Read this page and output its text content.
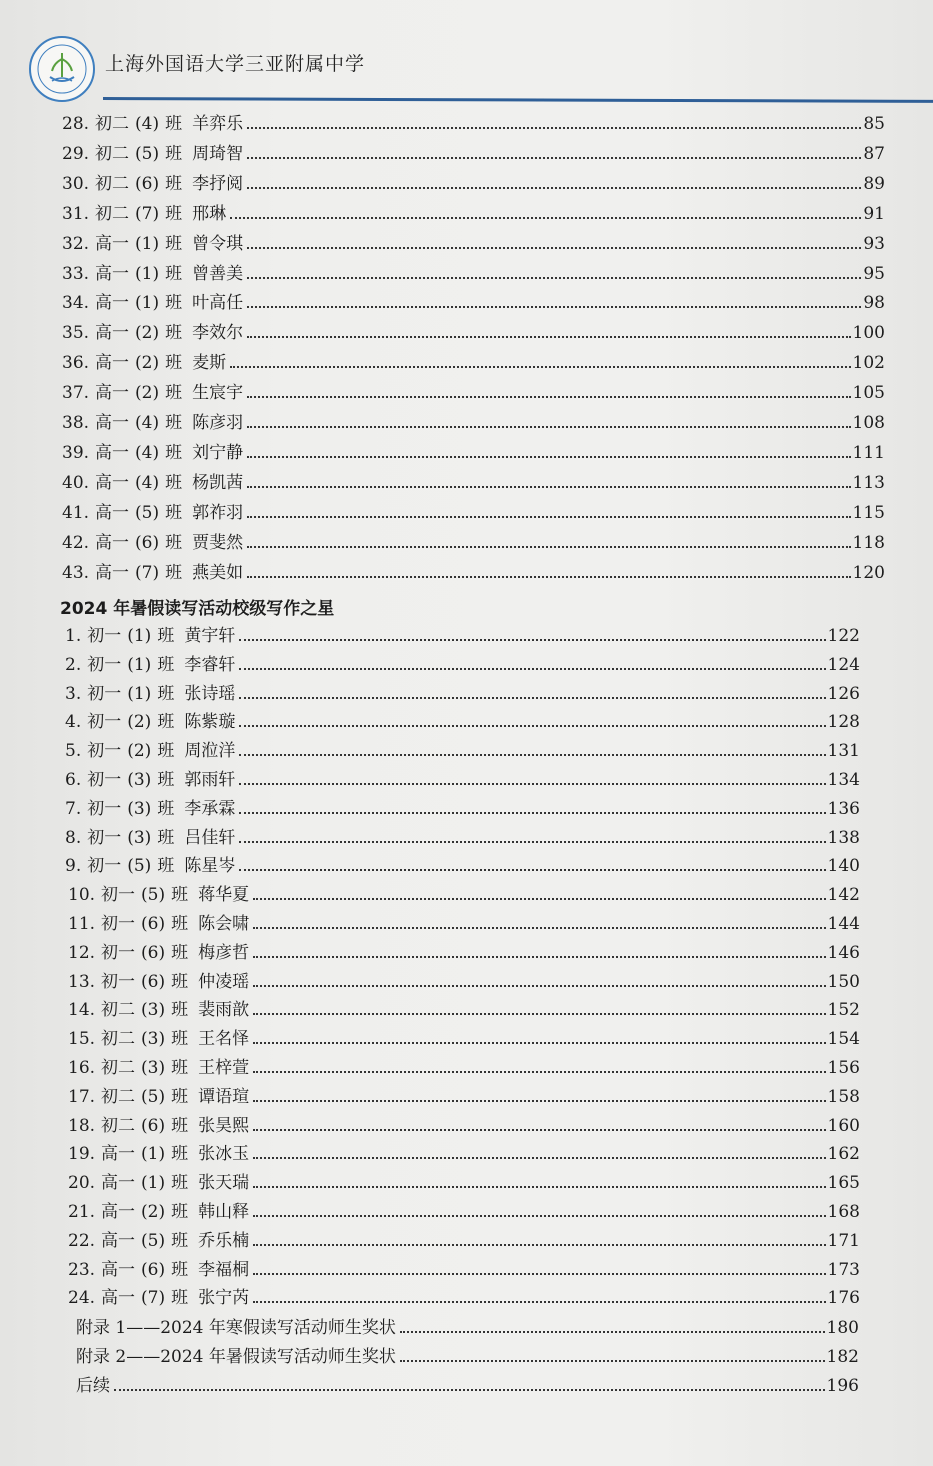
上海外国语大学三亚附属中学
2024 年暑假读写活动校级写作之星
28. 初二 (4) 班 羊弈乐	85
29. 初二 (5) 班 周琦智	87
30. 初二 (6) 班 李抒阅	89
31. 初二 (7) 班 邢琳	91
32. 高一 (1) 班 曾令琪	93
33. 高一 (1) 班 曾善美	95
34. 高一 (1) 班 叶高任	98
35. 高一 (2) 班 李效尔	100
36. 高一 (2) 班 麦斯	102
37. 高一 (2) 班 生宸宇	105
38. 高一 (4) 班 陈彦羽	108
39. 高一 (4) 班 刘宁静	111
40. 高一 (4) 班 杨凯茜	113
41. 高一 (5) 班 郭祚羽	115
42. 高一 (6) 班 贾斐然	118
43. 高一 (7) 班 燕美如	120
1. 初一 (1) 班 黄宇轩	122
2. 初一 (1) 班 李睿轩	124
3. 初一 (1) 班 张诗瑶	126
4. 初一 (2) 班 陈紫璇	128
5. 初一 (2) 班 周涖洋	131
6. 初一 (3) 班 郭雨轩	134
7. 初一 (3) 班 李承霖	136
8. 初一 (3) 班 吕佳轩	138
9. 初一 (5) 班 陈星岑	140
10. 初一 (5) 班 蒋华夏	142
11. 初一 (6) 班 陈会啸	144
12. 初一 (6) 班 梅彦哲	146
13. 初一 (6) 班 仲凌瑶	150
14. 初二 (3) 班 裴雨歆	152
15. 初二 (3) 班 王名怿	154
16. 初二 (3) 班 王梓萱	156
17. 初二 (5) 班 谭语瑄	158
18. 初二 (6) 班 张昊熙	160
19. 高一 (1) 班 张冰玉	162
20. 高一 (1) 班 张天瑞	165
21. 高一 (2) 班 韩山释	168
22. 高一 (5) 班 乔乐楠	171
23. 高一 (6) 班 李福桐	173
24. 高一 (7) 班 张宁芮	176
附录 1——2024 年寒假读写活动师生奖状	180
附录 2——2024 年暑假读写活动师生奖状	182
后续	196
